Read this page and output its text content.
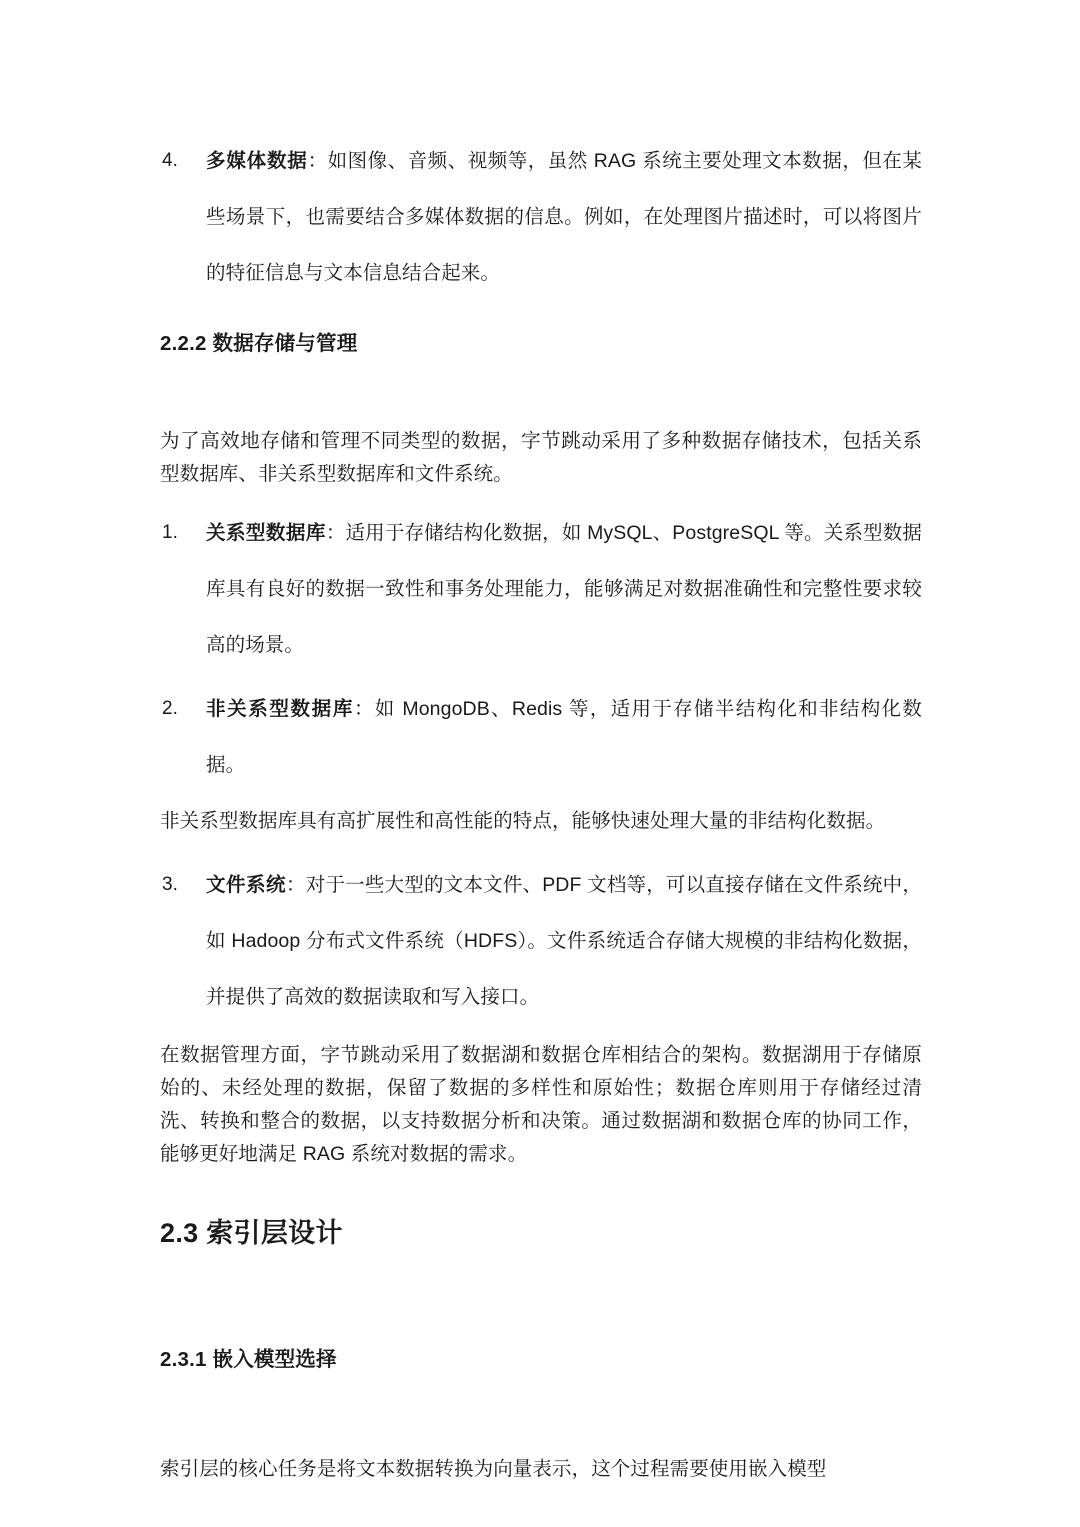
4. 多媒体数据：如图像、音频、视频等，虽然 RAG 系统主要处理文本数据，但在某些场景下，也需要结合多媒体数据的信息。例如，在处理图片描述时，可以将图片的特征信息与文本信息结合起来。
2.2.2 数据存储与管理
为了高效地存储和管理不同类型的数据，字节跳动采用了多种数据存储技术，包括关系型数据库、非关系型数据库和文件系统。
1. 关系型数据库：适用于存储结构化数据，如 MySQL、PostgreSQL 等。关系型数据库具有良好的数据一致性和事务处理能力，能够满足对数据准确性和完整性要求较高的场景。
2. 非关系型数据库：如 MongoDB、Redis 等，适用于存储半结构化和非结构化数据。
非关系型数据库具有高扩展性和高性能的特点，能够快速处理大量的非结构化数据。
3. 文件系统：对于一些大型的文本文件、PDF 文档等，可以直接存储在文件系统中，如 Hadoop 分布式文件系统（HDFS）。文件系统适合存储大规模的非结构化数据，并提供了高效的数据读取和写入接口。
在数据管理方面，字节跳动采用了数据湖和数据仓库相结合的架构。数据湖用于存储原始的、未经处理的数据，保留了数据的多样性和原始性；数据仓库则用于存储经过清洗、转换和整合的数据，以支持数据分析和决策。通过数据湖和数据仓库的协同工作，能够更好地满足 RAG 系统对数据的需求。
2.3 索引层设计
2.3.1 嵌入模型选择
索引层的核心任务是将文本数据转换为向量表示，这个过程需要使用嵌入模型
